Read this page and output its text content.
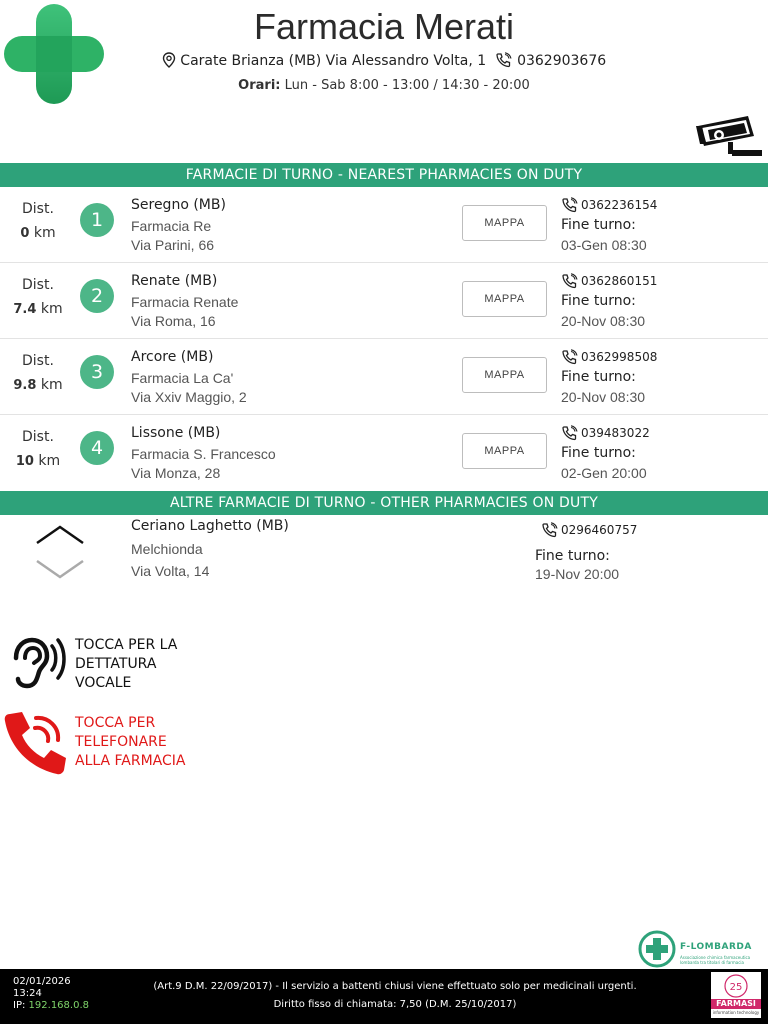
Farmacia Merati
Carate Brianza (MB) Via Alessandro Volta, 1 0362903676
Orari: Lun - Sab 8:00 - 13:00 / 14:30 - 20:00
FARMACIE DI TURNO - NEAREST PHARMACIES ON DUTY
Dist.
0 km
1
Seregno (MB)
Farmacia Re
Via Parini, 66
MAPPA
0362236154
Fine turno:
03-Gen 08:30
Dist.
7.4 km
2
Renate (MB)
Farmacia Renate
Via Roma, 16
MAPPA
0362860151
Fine turno:
20-Nov 08:30
Dist.
9.8 km
3
Arcore (MB)
Farmacia La Ca'
Via Xxiv Maggio, 2
MAPPA
0362998508
Fine turno:
20-Nov 08:30
Dist.
10 km
4
Lissone (MB)
Farmacia S. Francesco
Via Monza, 28
MAPPA
039483022
Fine turno:
02-Gen 20:00
ALTRE FARMACIE DI TURNO - OTHER PHARMACIES ON DUTY
Ceriano Laghetto (MB)
Melchionda
Via Volta, 14
0296460757
Fine turno:
19-Nov 20:00
TOCCA PER LA
DETTATURA
VOCALE
TOCCA PER
TELEFONARE
ALLA FARMACIA
F-LOMBARDA
Associazione chimica farmaceutica lombarda tra titolari di farmacia
02/01/2026
13:24
IP: 192.168.0.8
(Art.9 D.M. 22/09/2017) - Il servizio a battenti chiusi viene effettuato solo per medicinali urgenti.
Diritto fisso di chiamata: 7,50 (D.M. 25/10/2017)
25
FARMASI
information technology
